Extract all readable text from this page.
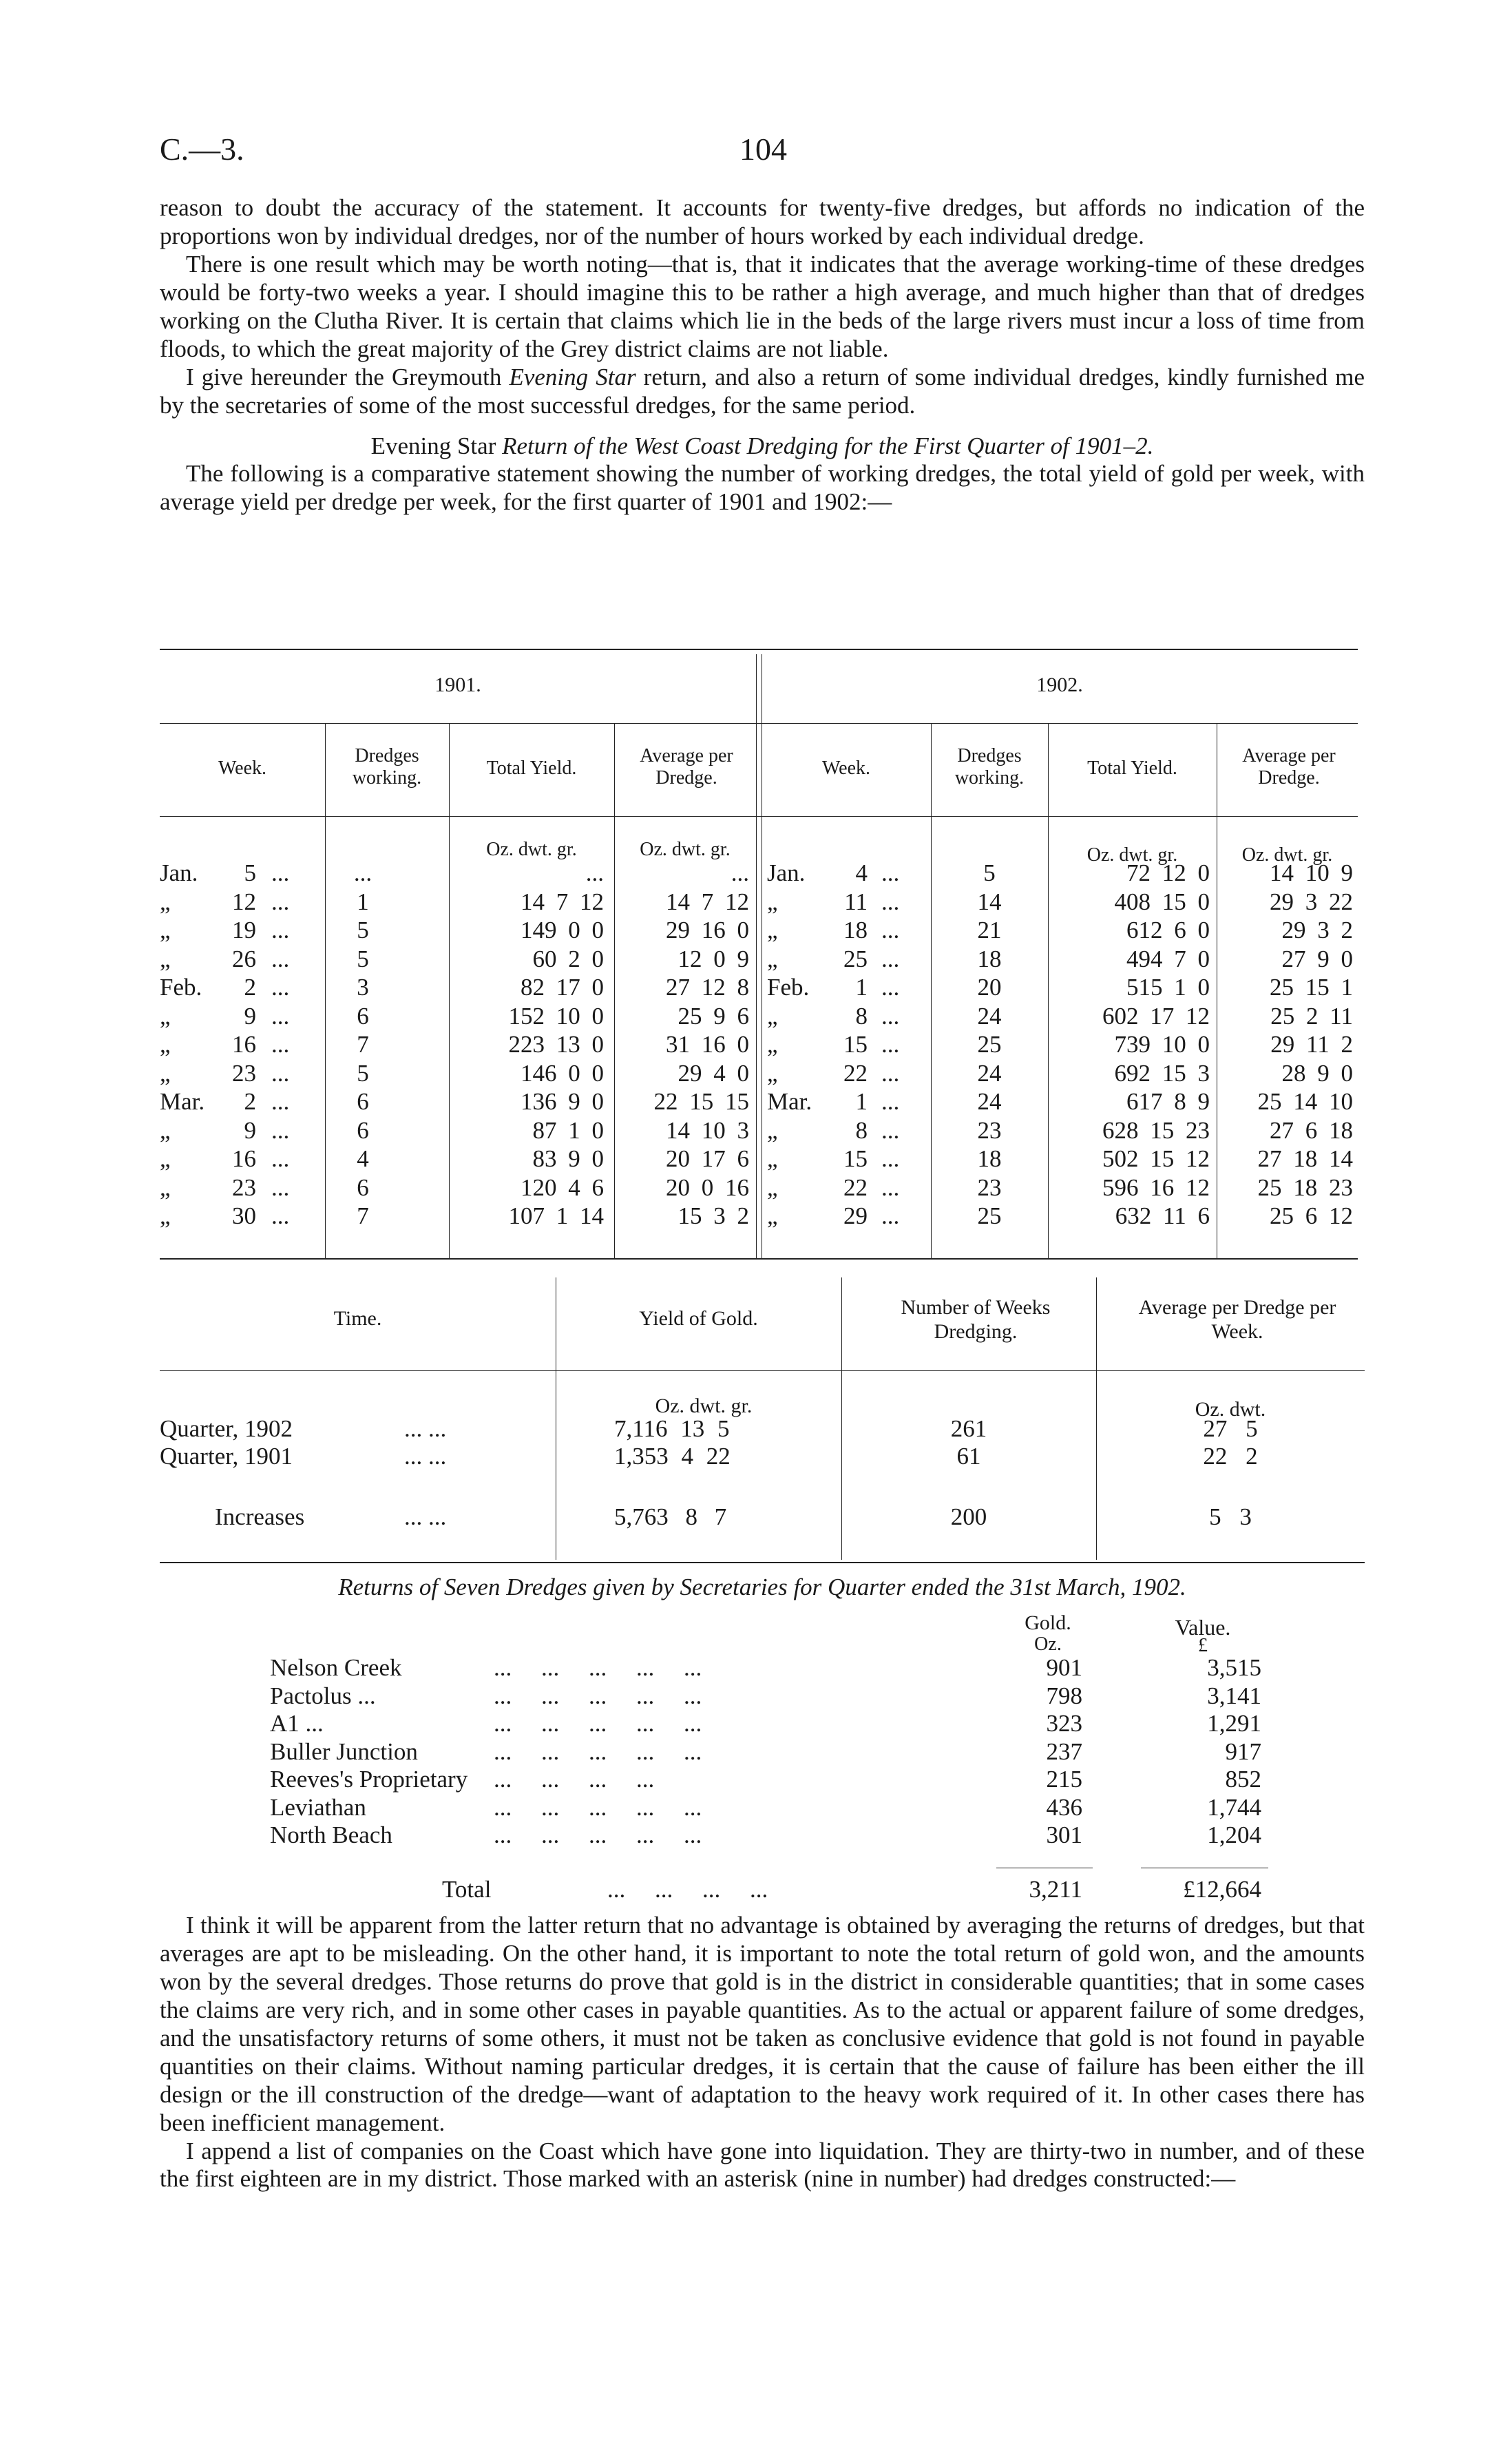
C.—3.	104

reason to doubt the accuracy of the statement. It accounts for twenty-five dredges, but affords no indication of the proportions won by individual dredges, nor of the number of hours worked by each individual dredge.

There is one result which may be worth noting—that is, that it indicates that the average working-time of these dredges would be forty-two weeks a year. I should imagine this to be rather a high average, and much higher than that of dredges working on the Clutha River. It is certain that claims which lie in the beds of the large rivers must incur a loss of time from floods, to which the great majority of the Grey district claims are not liable.

I give hereunder the Greymouth Evening Star return, and also a return of some individual dredges, kindly furnished me by the secretaries of some of the most successful dredges, for the same period.

Evening Star Return of the West Coast Dredging for the First Quarter of 1901–2.

The following is a comparative statement showing the number of working dredges, the total yield of gold per week, with average yield per dredge per week, for the first quarter of 1901 and 1902:—

1901.	1902.
Week.
Dredges working.	Total Yield.
Average per Dredge.	Week.
Dredges working.	Total Yield.
Average per Dredge.
Oz. dwt. gr.	Oz. dwt. gr.	Oz. dwt. gr.	Oz. dwt. gr.
Jan.	5 ...	...	...	... Jan.	4 ...	5	72 12 0	14 10 9
„	12 ...	1	14 7 12	14 7 12 „	11 ...	14	408 15 0	29 3 22
„	19 ...	5	149 0 0	29 16 0 „	18 ...	21	612 6 0	29 3 2
„	26 ...	5	60 2 0	12 0 9 „	25 ...	18	494 7 0	27 9 0
Feb.	2 ...	3	82 17 0	27 12 8 Feb.	1 ...	20	515 1 0	25 15 1
„	9 ...	6	152 10 0	25 9 6 „	8 ...	24	602 17 12	25 2 11
„	16 ...	7	223 13 0	31 16 0 „	15 ...	25	739 10 0	29 11 2
„	23 ...	5	146 0 0	29 4 0 „	22 ...	24	692 15 3	28 9 0
Mar.	2 ...	6	136 9 0	22 15 15 Mar.	1 ...	24	617 8 9	25 14 10
„	9 ...	6	87 1 0	14 10 3 „	8 ...	23	628 15 23	27 6 18
„	16 ...	4	83 9 0	20 17 6 „	15 ...	18	502 15 12	27 18 14
„	23 ...	6	120 4 6	20 0 16 „	22 ...	23	596 16 12	25 18 23
„	30 ...	7	107 1 14	15 3 2 „	29 ...	25	632 11 6	25 6 12
Time.	Yield of Gold.	Number of Weeks Dredging.
Average per Dredge per Week.
Oz. dwt. gr.	Oz. dwt.
Quarter, 1902	... ...	7,116 13 5	261	27 5
Quarter, 1901	... ...	1,353 4 22	61	22 2
Increases	... ...	5,763 8 7	200	5 3
Returns of Seven Dredges given by Secretaries for Quarter ended the 31st March, 1902.
Gold.
Oz.
Value.
£
Nelson Creek	... ... ... ... ...	901	3,515
Pactolus ...	... ... ... ... ...	798	3,141
A1 ...	... ... ... ... ...	323	1,291
Buller Junction	... ... ... ... ...	237	917
Reeves's Proprietary ... ... ... ...	215	852
Leviathan	... ... ... ... ...	436	1,744
North Beach	... ... ... ... ...	301	1,204
Total	... ... ... ...	3,211	£12,664

I think it will be apparent from the latter return that no advantage is obtained by averaging the returns of dredges, but that averages are apt to be misleading. On the other hand, it is important to note the total return of gold won, and the amounts won by the several dredges. Those returns do prove that gold is in the district in considerable quantities; that in some cases the claims are very rich, and in some other cases in payable quantities. As to the actual or apparent failure of some dredges, and the unsatisfactory returns of some others, it must not be taken as conclusive evidence that gold is not found in payable quantities on their claims. Without naming particular dredges, it is certain that the cause of failure has been either the ill design or the ill construction of the dredge—want of adaptation to the heavy work required of it. In other cases there has been inefficient management.

I append a list of companies on the Coast which have gone into liquidation. They are thirty-two in number, and of these the first eighteen are in my district. Those marked with an asterisk (nine in number) had dredges constructed:—
